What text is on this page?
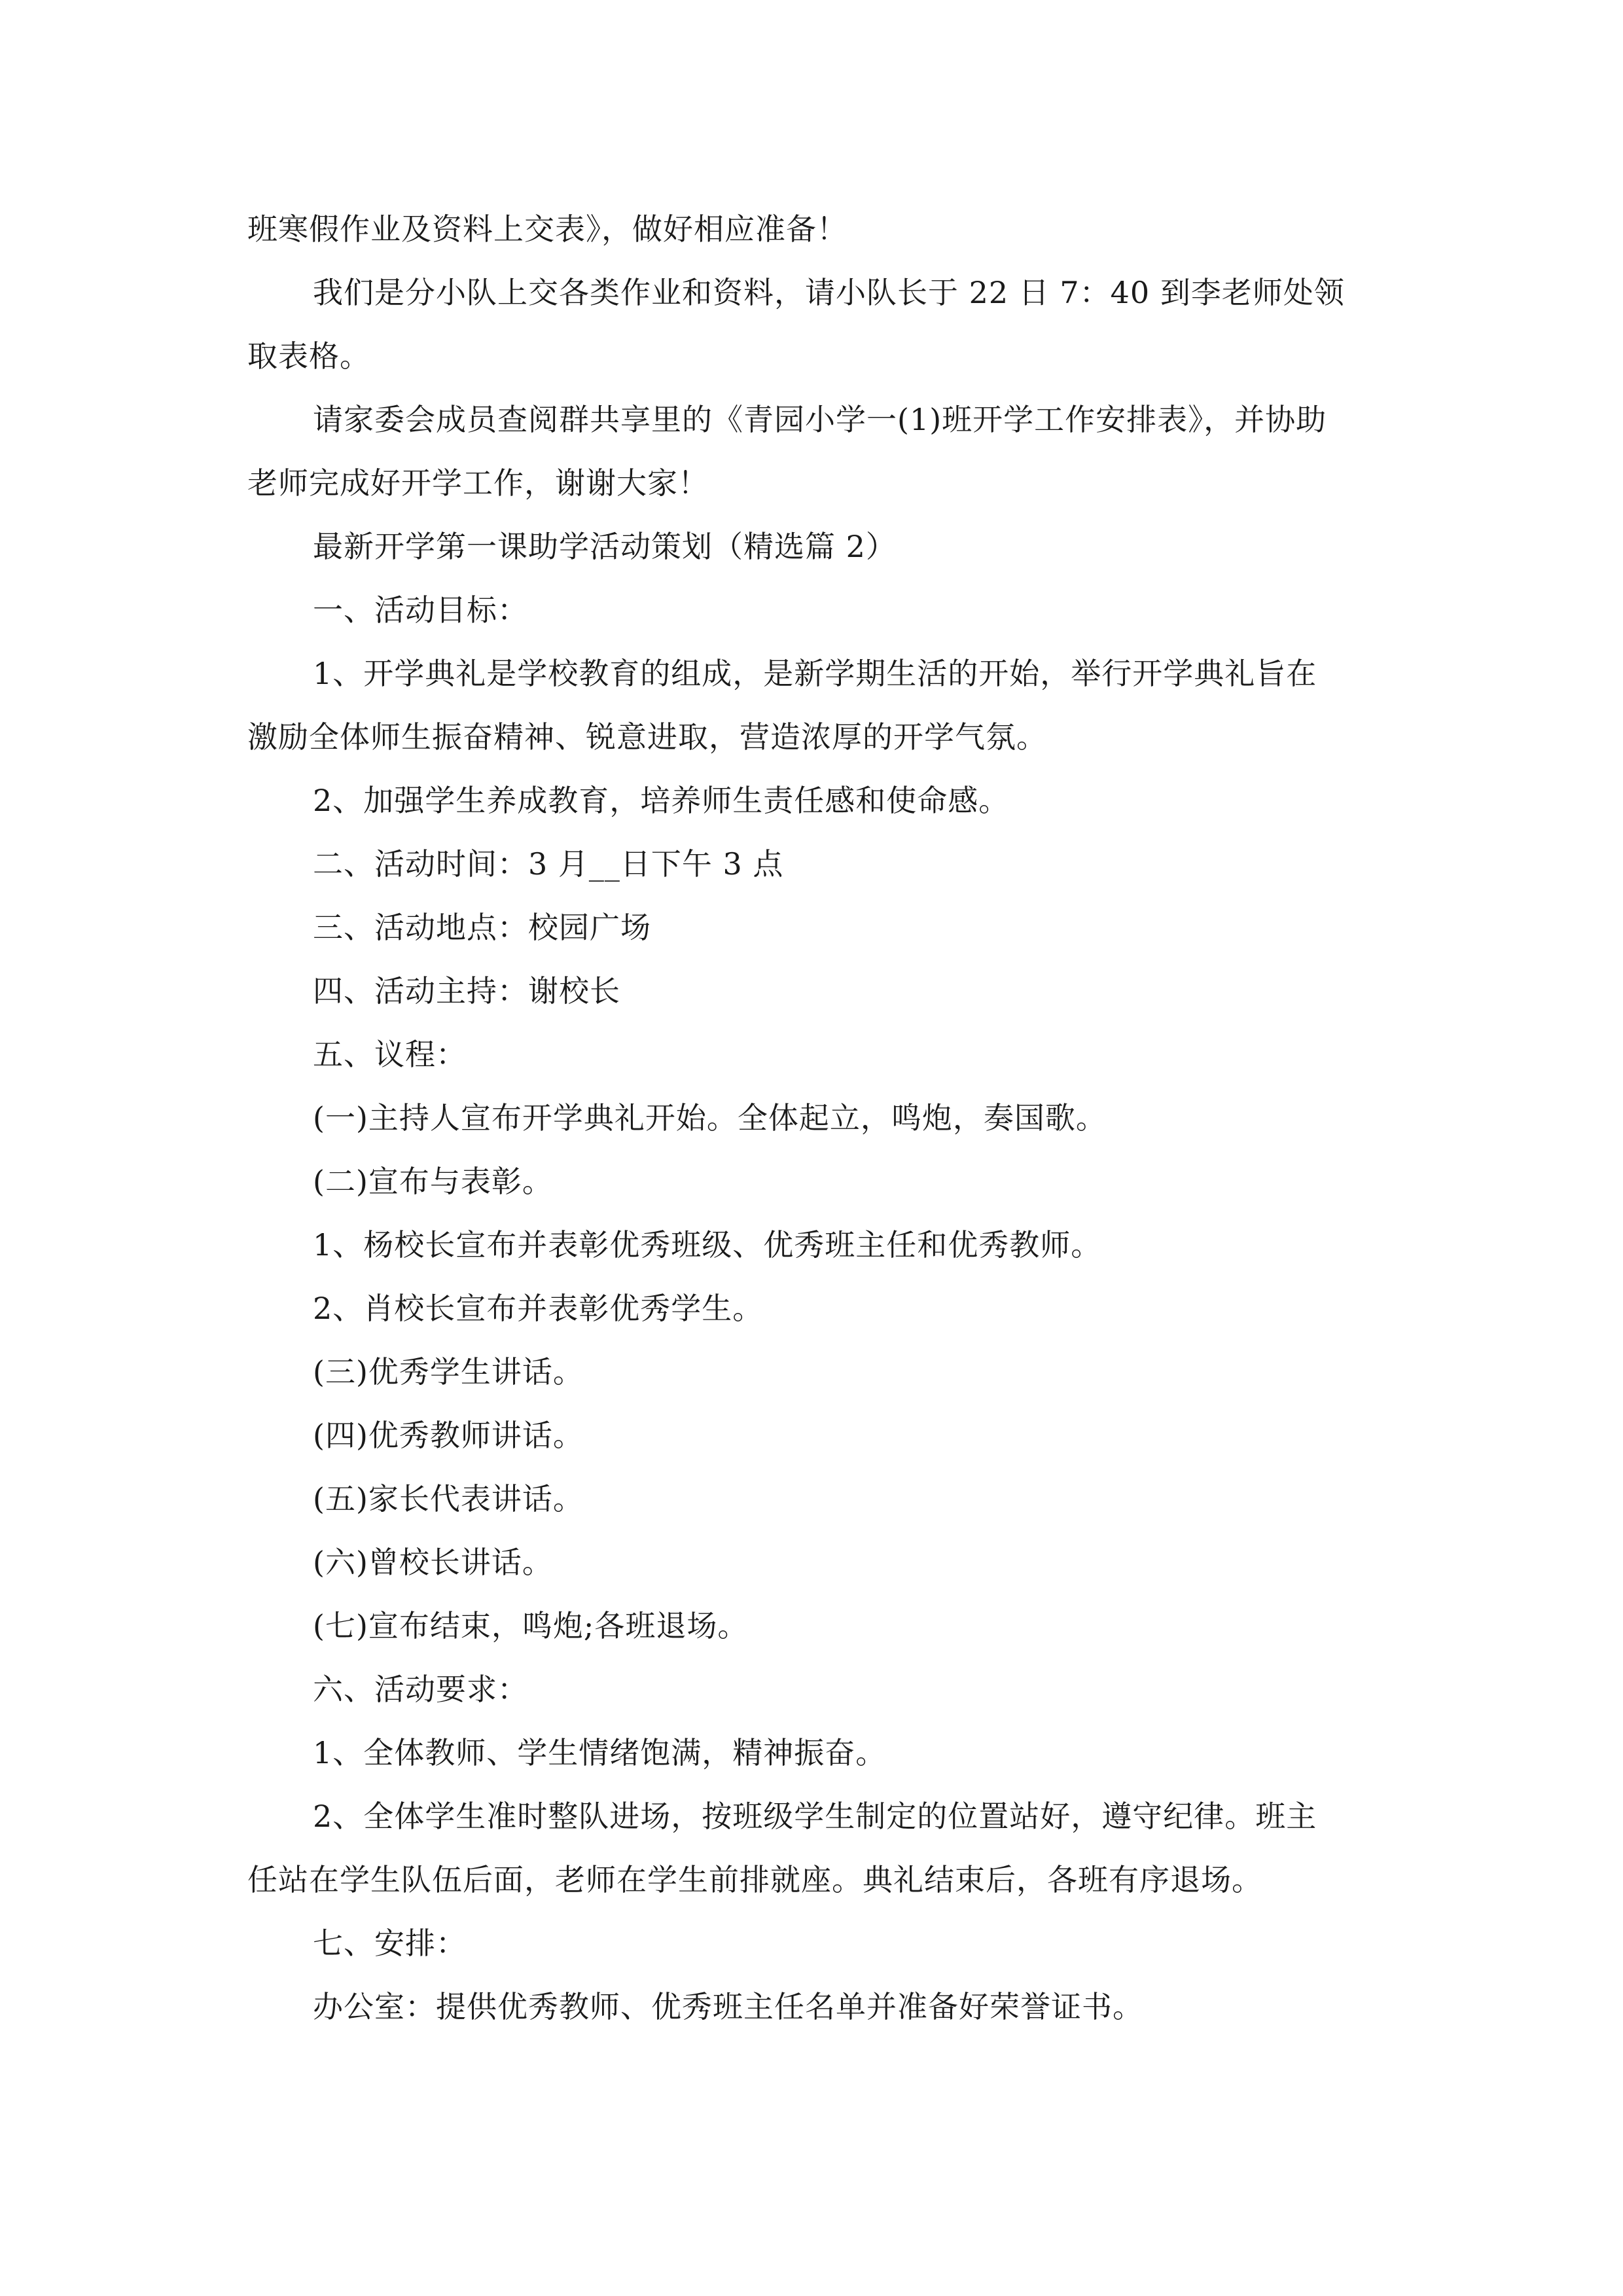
班寒假作业及资料上交表》，做好相应准备！
我们是分小队上交各类作业和资料，请小队长于 22 日 7：40 到李老师处领
取表格。
请家委会成员查阅群共享里的《青园小学一(1)班开学工作安排表》，并协助
老师完成好开学工作，谢谢大家！
最新开学第一课助学活动策划（精选篇 2）
一、活动目标：
1、开学典礼是学校教育的组成，是新学期生活的开始，举行开学典礼旨在
激励全体师生振奋精神、锐意进取，营造浓厚的开学气氛。
2、加强学生养成教育，培养师生责任感和使命感。
二、活动时间：3 月__日下午 3 点
三、活动地点：校园广场
四、活动主持：谢校长
五、议程：
(一)主持人宣布开学典礼开始。全体起立，鸣炮，奏国歌。
(二)宣布与表彰。
1、杨校长宣布并表彰优秀班级、优秀班主任和优秀教师。
2、肖校长宣布并表彰优秀学生。
(三)优秀学生讲话。
(四)优秀教师讲话。
(五)家长代表讲话。
(六)曾校长讲话。
(七)宣布结束，鸣炮;各班退场。
六、活动要求：
1、全体教师、学生情绪饱满，精神振奋。
2、全体学生准时整队进场，按班级学生制定的位置站好，遵守纪律。班主
任站在学生队伍后面，老师在学生前排就座。典礼结束后，各班有序退场。
七、安排：
办公室：提供优秀教师、优秀班主任名单并准备好荣誉证书。
